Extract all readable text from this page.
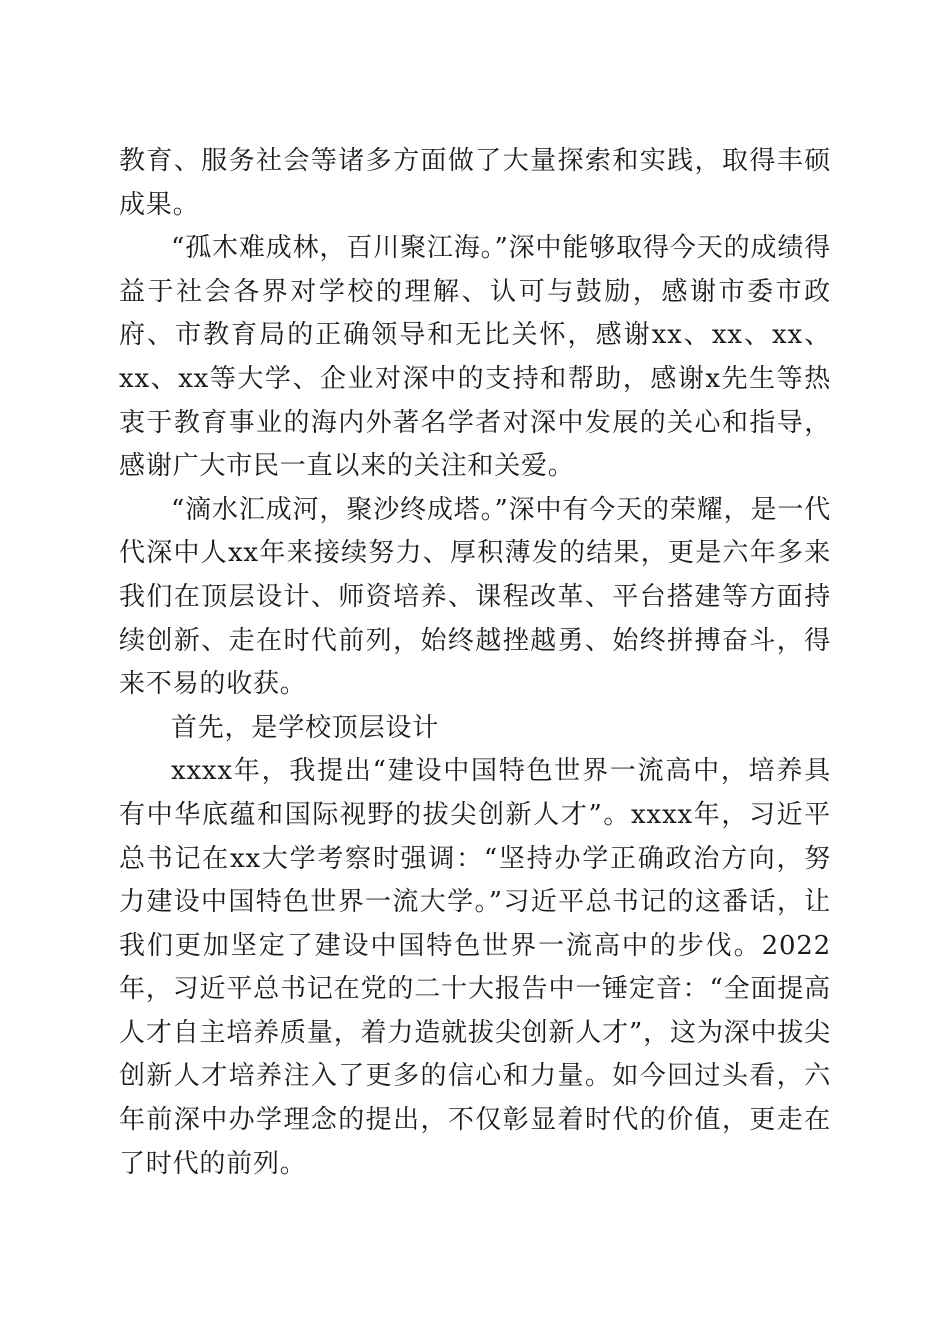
教育、服务社会等诸多方面做了大量探索和实践，取得丰硕成果。

“孤木难成林，百川聚江海。”深中能够取得今天的成绩得益于社会各界对学校的理解、认可与鼓励，感谢市委市政府、市教育局的正确领导和无比关怀，感谢xx、xx、xx、xx、xx等大学、企业对深中的支持和帮助，感谢x先生等热衷于教育事业的海内外著名学者对深中发展的关心和指导，感谢广大市民一直以来的关注和关爱。

“滴水汇成河，聚沙终成塔。”深中有今天的荣耀，是一代代深中人xx年来接续努力、厚积薄发的结果，更是六年多来我们在顶层设计、师资培养、课程改革、平台搭建等方面持续创新、走在时代前列，始终越挫越勇、始终拼搏奋斗，得来不易的收获。

首先，是学校顶层设计

xxxx年，我提出“建设中国特色世界一流高中，培养具有中华底蕴和国际视野的拔尖创新人才”。xxxx年，习近平总书记在xx大学考察时强调：“坚持办学正确政治方向，努力建设中国特色世界一流大学。”习近平总书记的这番话，让我们更加坚定了建设中国特色世界一流高中的步伐。2022年，习近平总书记在党的二十大报告中一锤定音：“全面提高人才自主培养质量，着力造就拔尖创新人才”，这为深中拔尖创新人才培养注入了更多的信心和力量。如今回过头看，六年前深中办学理念的提出，不仅彰显着时代的价值，更走在了时代的前列。
